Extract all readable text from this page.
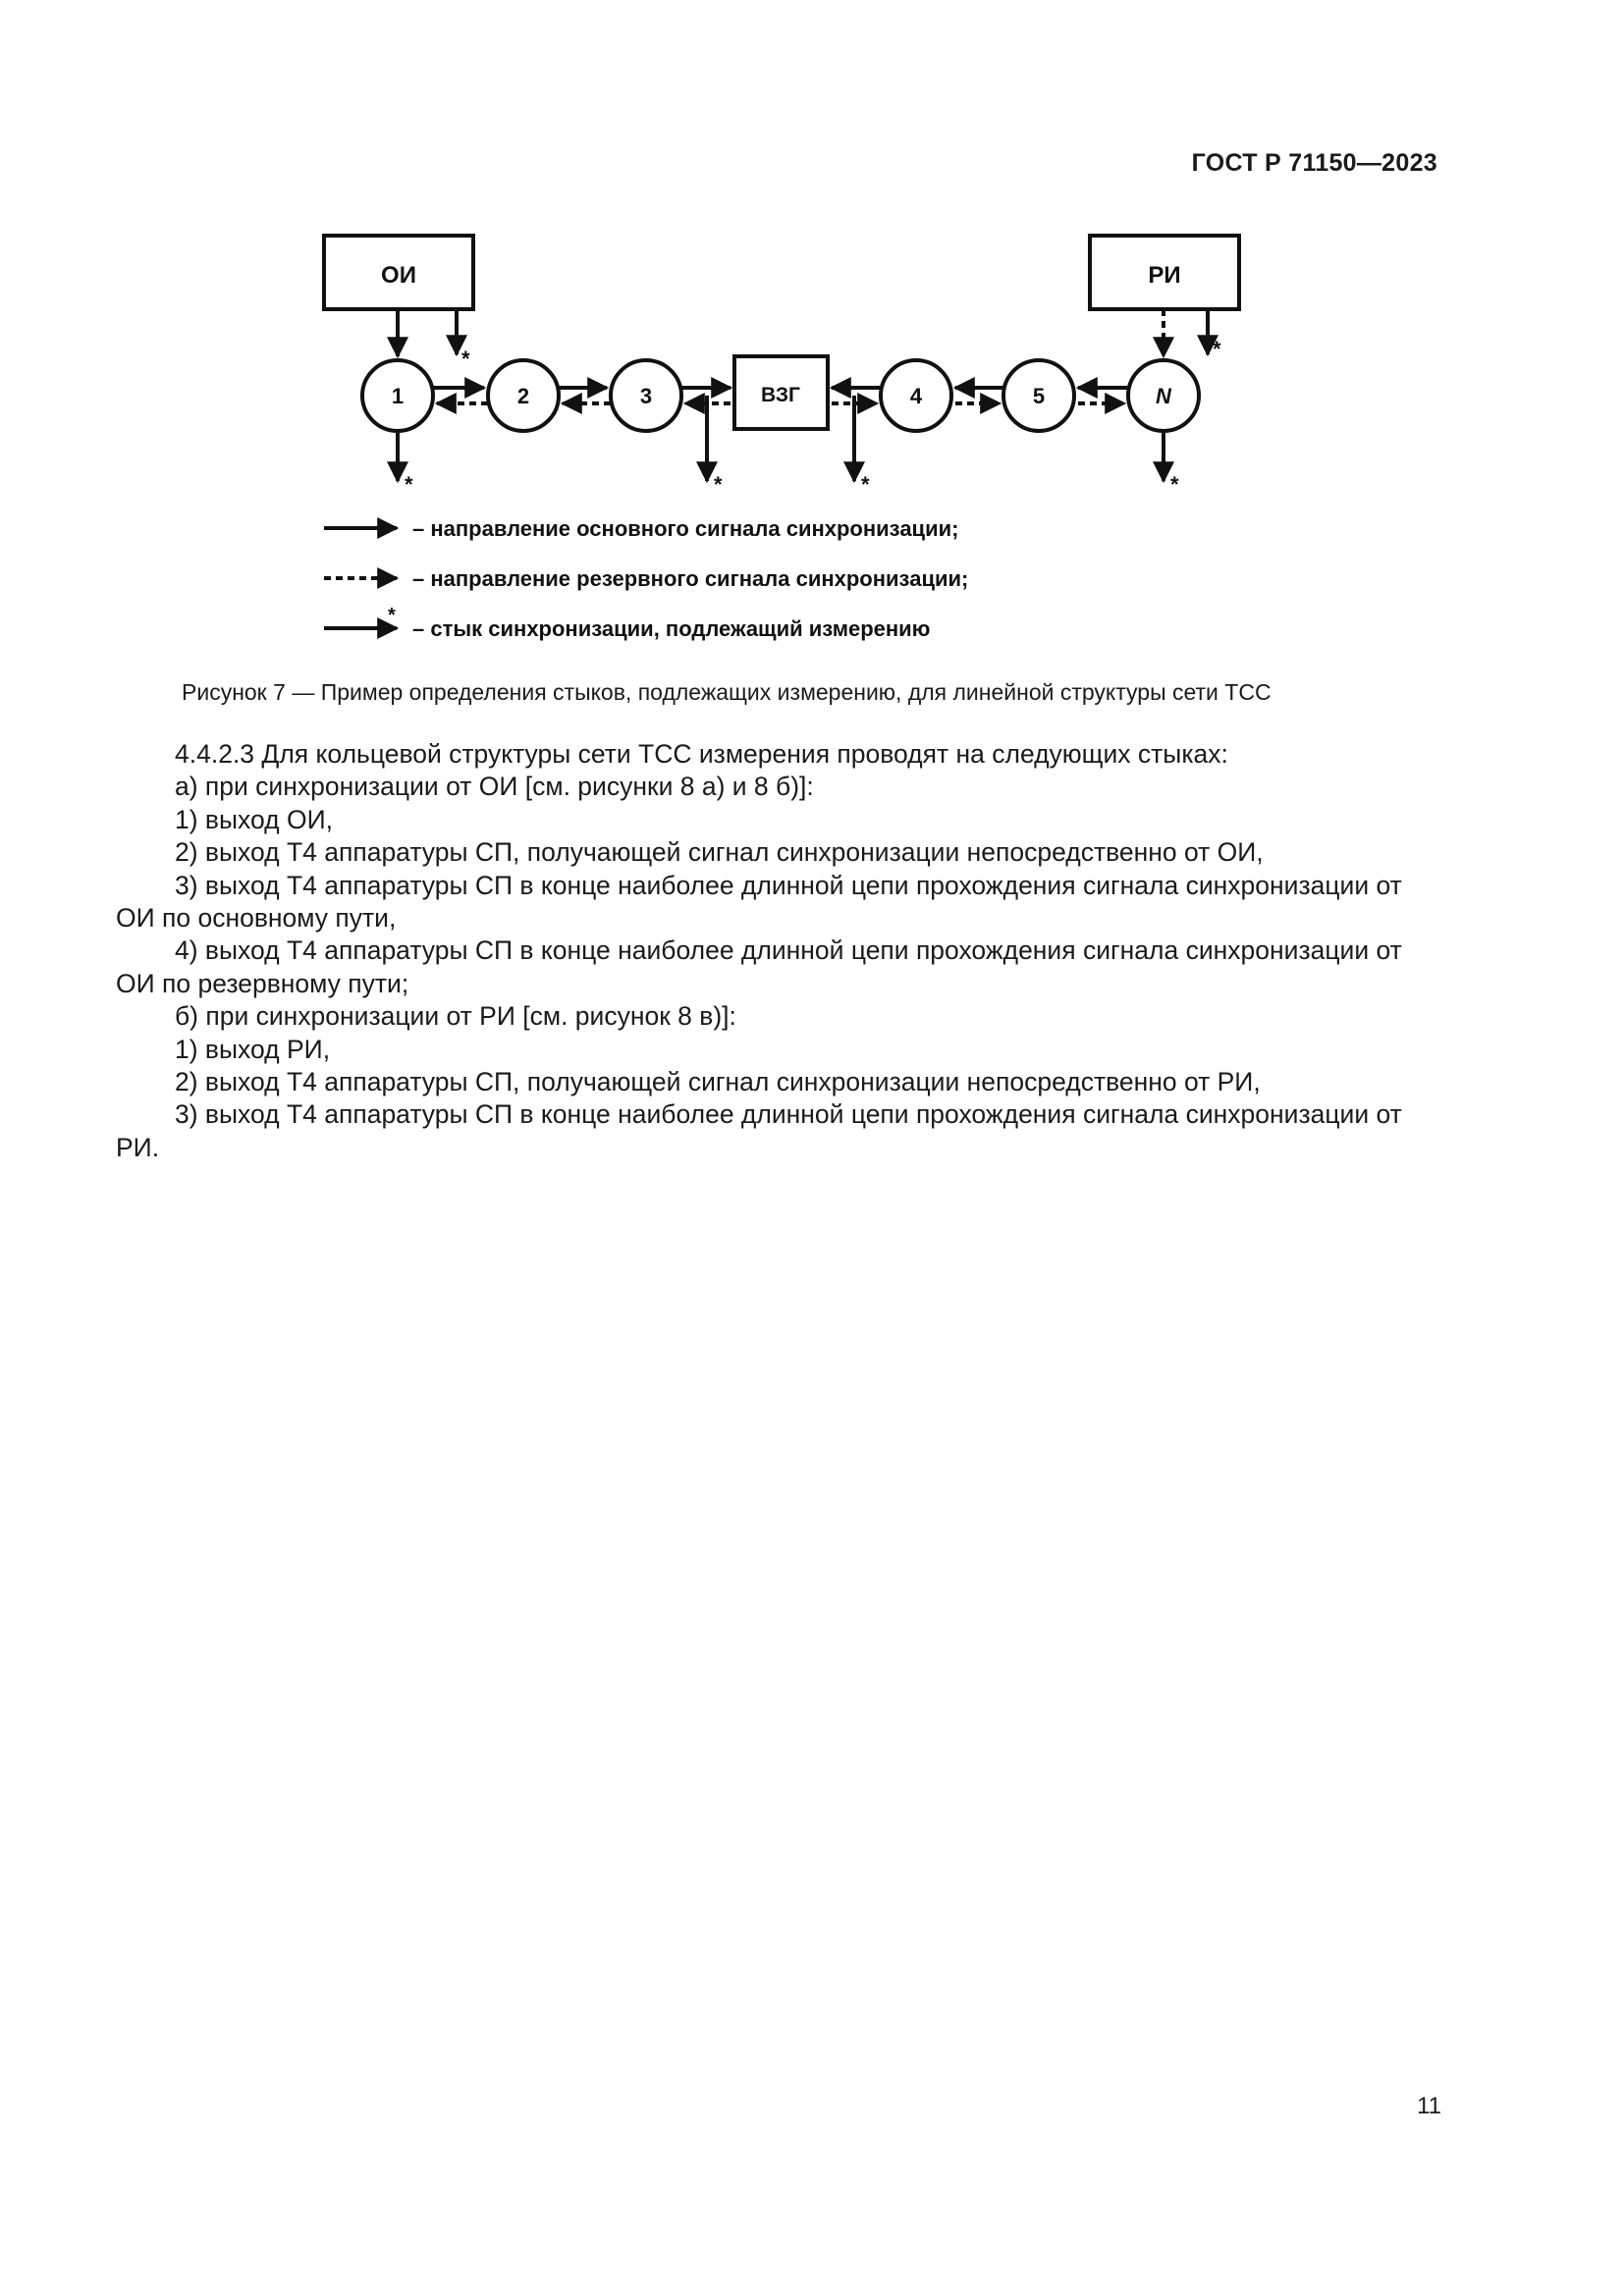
ГОСТ Р 71150—2023
ОИ	РИ
ВЗГ
1	2	3	4	5	N
*	*
*	*	*	*
*
– направление основного сигнала синхронизации;
– направление резервного сигнала синхронизации;
– стык синхронизации, подлежащий измерению
Рисунок 7 — Пример определения стыков, подлежащих измерению, для линейной структуры сети ТСС

4.4.2.3 Для кольцевой структуры сети ТСС измерения проводят на следующих стыках:

а) при синхронизации от ОИ [см. рисунки 8 а) и 8 б)]:

1) выход ОИ,

2) выход Т4 аппаратуры СП, получающей сигнал синхронизации непосредственно от ОИ,

3) выход Т4 аппаратуры СП в конце наиболее длинной цепи прохождения сигнала синхронизации от ОИ по основному пути,

4) выход Т4 аппаратуры СП в конце наиболее длинной цепи прохождения сигнала синхронизации от ОИ по резервному пути;

б) при синхронизации от РИ [см. рисунок 8 в)]:

1) выход РИ,

2) выход Т4 аппаратуры СП, получающей сигнал синхронизации непосредственно от РИ,

3) выход Т4 аппаратуры СП в конце наиболее длинной цепи прохождения сигнала синхронизации от РИ.

11
